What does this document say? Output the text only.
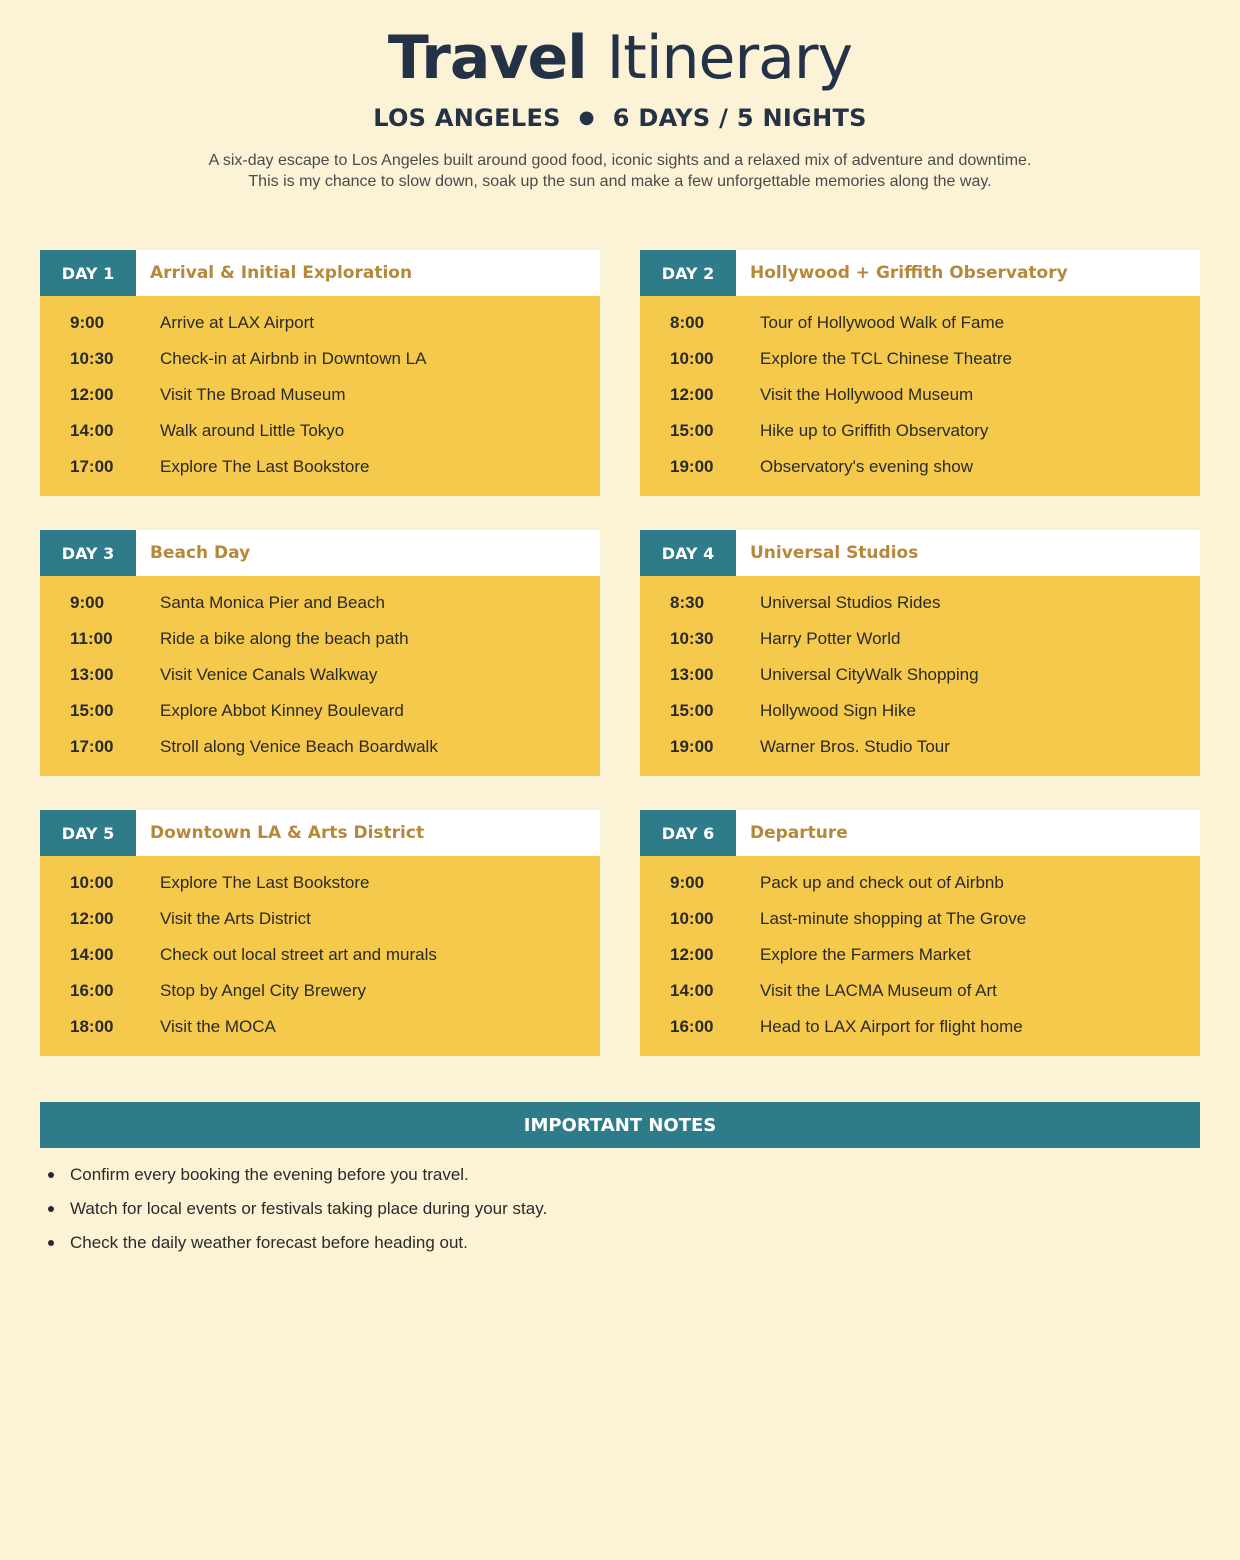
Travel Itinerary
LOS ANGELES ● 6 DAYS / 5 NIGHTS

A six-day escape to Los Angeles built around good food, iconic sights and a relaxed mix of adventure and downtime. This is my chance to slow down, soak up the sun and make a few unforgettable memories along the way.

DAY 1	Arrival & Initial Exploration
9:00	Arrive at LAX Airport
10:30	Check-in at Airbnb in Downtown LA
12:00	Visit The Broad Museum
14:00	Walk around Little Tokyo
17:00	Explore The Last Bookstore
DAY 2	Hollywood + Griffith Observatory
8:00	Tour of Hollywood Walk of Fame
10:00	Explore the TCL Chinese Theatre
12:00	Visit the Hollywood Museum
15:00	Hike up to Griffith Observatory
19:00	Observatory's evening show
DAY 3	Beach Day
9:00	Santa Monica Pier and Beach
11:00	Ride a bike along the beach path
13:00	Visit Venice Canals Walkway
15:00	Explore Abbot Kinney Boulevard
17:00	Stroll along Venice Beach Boardwalk
DAY 4	Universal Studios
8:30	Universal Studios Rides
10:30	Harry Potter World
13:00	Universal CityWalk Shopping
15:00	Hollywood Sign Hike
19:00	Warner Bros. Studio Tour
DAY 5	Downtown LA & Arts District
10:00	Explore The Last Bookstore
12:00	Visit the Arts District
14:00	Check out local street art and murals
16:00	Stop by Angel City Brewery
18:00	Visit the MOCA
DAY 6	Departure
9:00	Pack up and check out of Airbnb
10:00	Last-minute shopping at The Grove
12:00	Explore the Farmers Market
14:00	Visit the LACMA Museum of Art
16:00	Head to LAX Airport for flight home
IMPORTANT NOTES
Confirm every booking the evening before you travel.
Watch for local events or festivals taking place during your stay.
Check the daily weather forecast before heading out.
